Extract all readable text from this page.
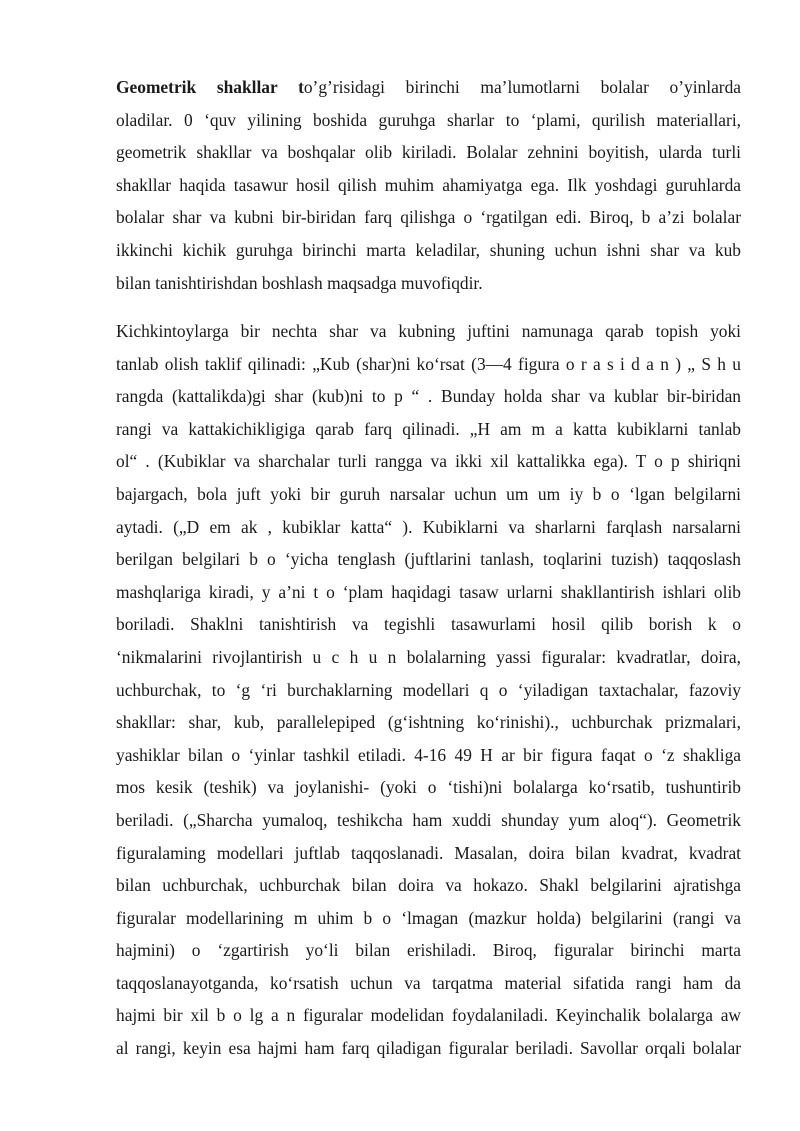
Geometrik shakllar to’g’risidagi birinchi ma’lumotlarni bolalar o’yinlarda
oladilar. 0 ‘quv yilining boshida guruhga sharlar to ‘plami, qurilish materiallari,
geometrik shakllar va boshqalar olib kiriladi. Bolalar zehnini boyitish, ularda turli
shakllar haqida tasawur hosil qilish muhim ahamiyatga ega. Ilk yoshdagi guruhlarda
bolalar shar va kubni bir-biridan farq qilishga o ‘rgatilgan edi. Biroq, b a’zi bolalar
ikkinchi kichik guruhga birinchi marta keladilar, shuning uchun ishni shar va kub
bilan tanishtirishdan boshlash maqsadga muvofiqdir.
Kichkintoylarga bir nechta shar va kubning juftini namunaga qarab topish yoki
tanlab olish taklif qilinadi: „Kub (shar)ni ko‘rsat (3—4 figura o r a s i d a n ) „ S h u
rangda (kattalikda)gi shar (kub)ni to p “ . Bunday holda shar va kublar bir-biridan
rangi va kattakichikligiga qarab farq qilinadi. „H am m a katta kubiklarni tanlab
ol“ . (Kubiklar va sharchalar turli rangga va ikki xil kattalikka ega). T o p shiriqni
bajargach, bola juft yoki bir guruh narsalar uchun um um iy b o ‘lgan belgilarni
aytadi. („D em ak , kubiklar katta“ ). Kubiklarni va sharlarni farqlash narsalarni
berilgan belgilari b o ‘yicha tenglash (juftlarini tanlash, toqlarini tuzish) taqqoslash
mashqlariga kiradi, y a’ni t o ‘plam haqidagi tasaw urlarni shakllantirish ishlari olib
boriladi. Shaklni tanishtirish va tegishli tasawurlami hosil qilib borish k o
‘nikmalarini rivojlantirish u c h u n bolalarning yassi figuralar: kvadratlar, doira,
uchburchak, to ‘g ‘ri burchaklarning modellari q o ‘yiladigan taxtachalar, fazoviy
shakllar: shar, kub, parallelepiped (g‘ishtning ko‘rinishi)., uchburchak prizmalari,
yashiklar bilan o ‘yinlar tashkil etiladi. 4-16 49 H ar bir figura faqat o ‘z shakliga
mos kesik (teshik) va joylanishi- (yoki o ‘tishi)ni bolalarga ko‘rsatib, tushuntirib
beriladi. („Sharcha yumaloq, teshikcha ham xuddi shunday yum aloq“). Geometrik
figuralaming modellari juftlab taqqoslanadi. Masalan, doira bilan kvadrat, kvadrat
bilan uchburchak, uchburchak bilan doira va hokazo. Shakl belgilarini ajratishga
figuralar modellarining m uhim b o ‘lmagan (mazkur holda) belgilarini (rangi va
hajmini) o ‘zgartirish yo‘li bilan erishiladi. Biroq, figuralar birinchi marta
taqqoslanayotganda, ko‘rsatish uchun va tarqatma material sifatida rangi ham da
hajmi bir xil b o lg a n figuralar modelidan foydalaniladi. Keyinchalik bolalarga aw
al rangi, keyin esa hajmi ham farq qiladigan figuralar beriladi. Savollar orqali bolalar
